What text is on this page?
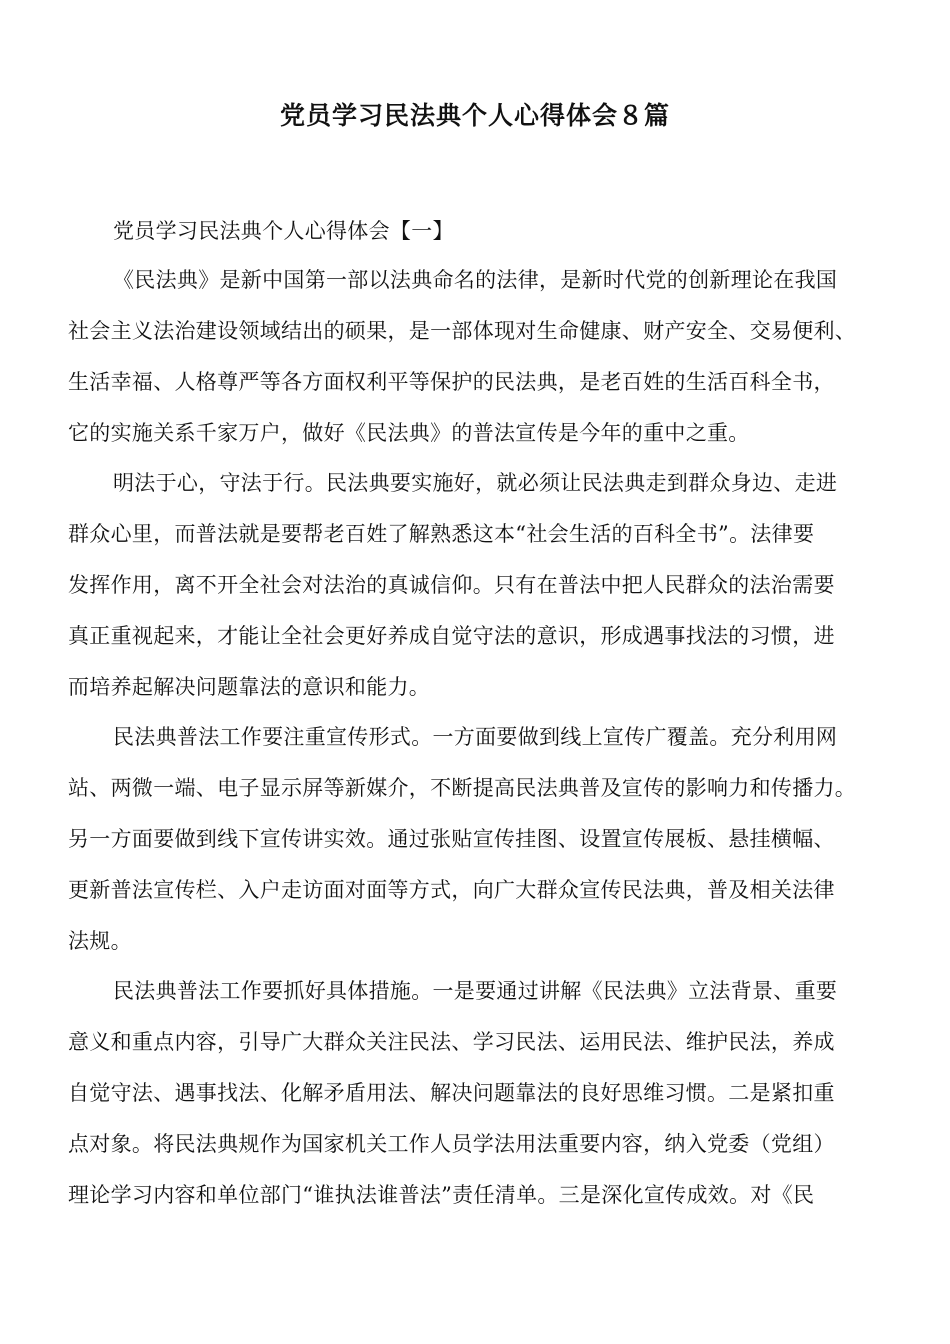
党员学习民法典个人心得体会８篇
党员学习民法典个人心得体会【一】
《民法典》是新中国第一部以法典命名的法律，是新时代党的创新理论在我国
社会主义法治建设领域结出的硕果，是一部体现对生命健康、财产安全、交易便利、
生活幸福、人格尊严等各方面权利平等保护的民法典，是老百姓的生活百科全书，
它的实施关系千家万户，做好《民法典》的普法宣传是今年的重中之重。
明法于心，守法于行。民法典要实施好，就必须让民法典走到群众身边、走进
群众心里，而普法就是要帮老百姓了解熟悉这本“社会生活的百科全书”。法律要
发挥作用，离不开全社会对法治的真诚信仰。只有在普法中把人民群众的法治需要
真正重视起来，才能让全社会更好养成自觉守法的意识，形成遇事找法的习惯，进
而培养起解决问题靠法的意识和能力。
民法典普法工作要注重宣传形式。一方面要做到线上宣传广覆盖。充分利用网
站、两微一端、电子显示屏等新媒介，不断提高民法典普及宣传的影响力和传播力。
另一方面要做到线下宣传讲实效。通过张贴宣传挂图、设置宣传展板、悬挂横幅、
更新普法宣传栏、入户走访面对面等方式，向广大群众宣传民法典，普及相关法律
法规。
民法典普法工作要抓好具体措施。一是要通过讲解《民法典》立法背景、重要
意义和重点内容，引导广大群众关注民法、学习民法、运用民法、维护民法，养成
自觉守法、遇事找法、化解矛盾用法、解决问题靠法的良好思维习惯。二是紧扣重
点对象。将民法典规作为国家机关工作人员学法用法重要内容，纳入党委（党组）
理论学习内容和单位部门“谁执法谁普法”责任清单。三是深化宣传成效。对《民
